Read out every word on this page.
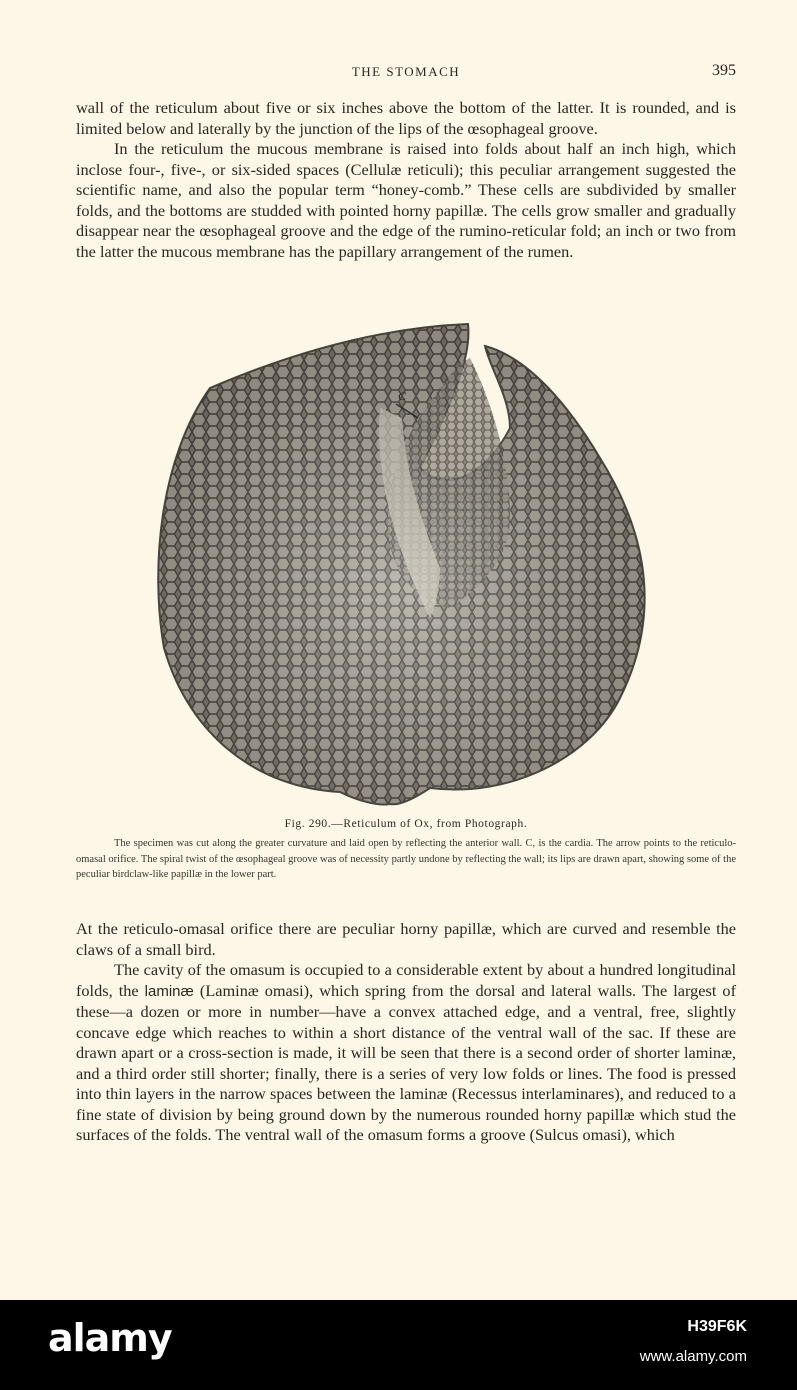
THE STOMACH	395

wall of the reticulum about five or six inches above the bottom of the latter. It is rounded, and is limited below and laterally by the junction of the lips of the œsophageal groove.

In the reticulum the mucous membrane is raised into folds about half an inch high, which inclose four-, five-, or six-sided spaces (Cellulæ reticuli); this peculiar arrangement suggested the scientific name, and also the popular term “honey-comb.” These cells are subdivided by smaller folds, and the bottoms are studded with pointed horny papillæ. The cells grow smaller and gradually disappear near the œsophageal groove and the edge of the rumino-reticular fold; an inch or two from the latter the mucous membrane has the papillary arrangement of the rumen.

C
Fig. 290.—Reticulum of Ox, from Photograph.

The specimen was cut along the greater curvature and laid open by reflecting the anterior wall. C, is the cardia. The arrow points to the reticulo-omasal orifice. The spiral twist of the œsophageal groove was of necessity partly undone by reflecting the wall; its lips are drawn apart, showing some of the peculiar birdclaw-like papillæ in the lower part.

At the reticulo-omasal orifice there are peculiar horny papillæ, which are curved and resemble the claws of a small bird.

The cavity of the omasum is occupied to a considerable extent by about a hundred longitudinal folds, the laminæ (Laminæ omasi), which spring from the dorsal and lateral walls. The largest of these—a dozen or more in number—have a convex attached edge, and a ventral, free, slightly concave edge which reaches to within a short distance of the ventral wall of the sac. If these are drawn apart or a cross-section is made, it will be seen that there is a second order of shorter laminæ, and a third order still shorter; finally, there is a series of very low folds or lines. The food is pressed into thin layers in the narrow spaces between the laminæ (Recessus interlaminares), and reduced to a fine state of division by being ground down by the numerous rounded horny papillæ which stud the surfaces of the folds. The ventral wall of the omasum forms a groove (Sulcus omasi), which

alamy	H39F6K
www.alamy.com
